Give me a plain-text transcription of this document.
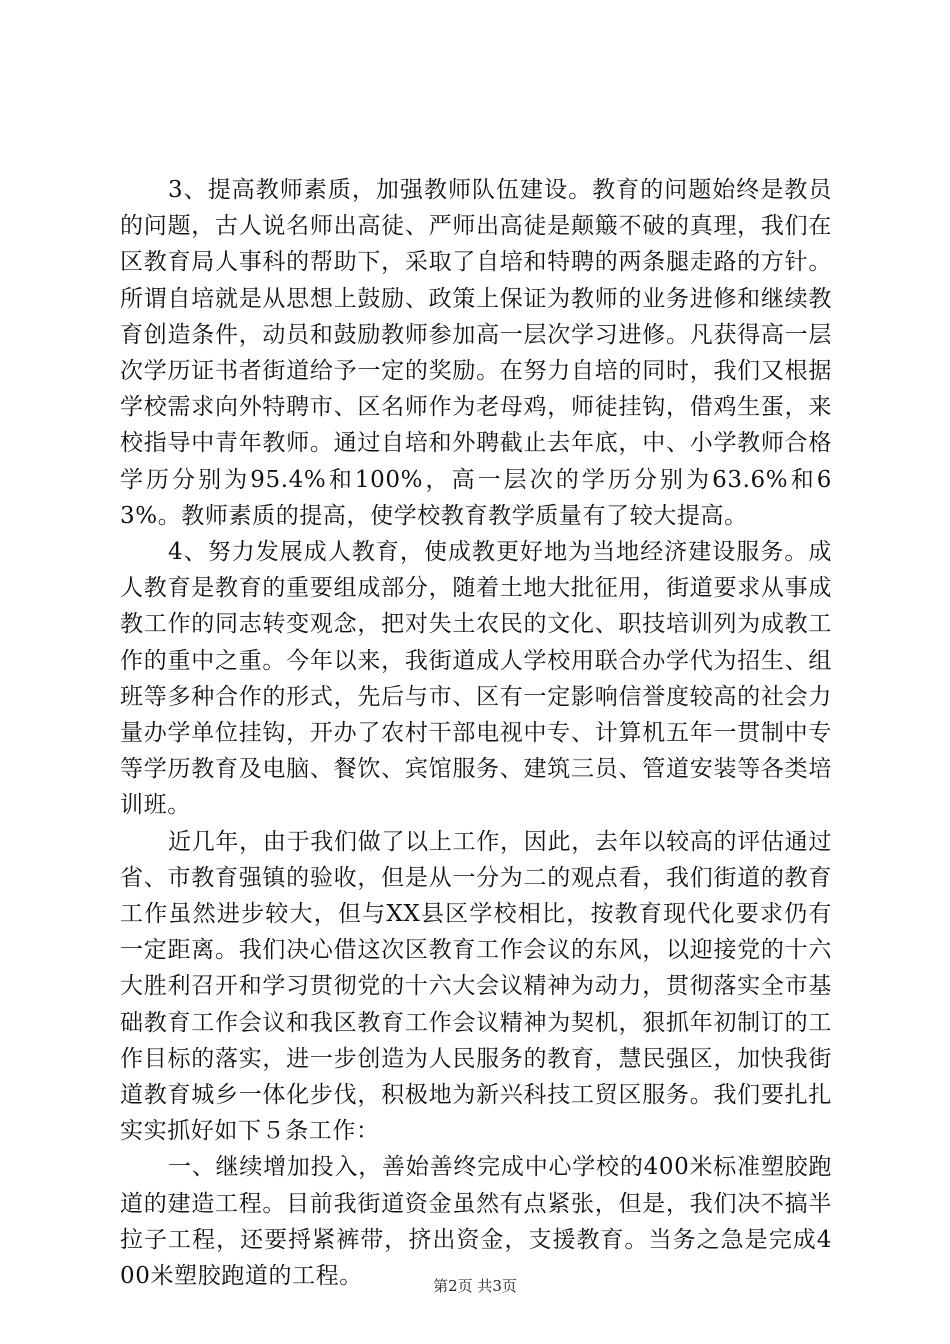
3、提高教师素质，加强教师队伍建设。教育的问题始终是教员的问题，古人说名师出高徒、严师出高徒是颠簸不破的真理，我们在区教育局人事科的帮助下，采取了自培和特聘的两条腿走路的方针。所谓自培就是从思想上鼓励、政策上保证为教师的业务进修和继续教育创造条件，动员和鼓励教师参加高一层次学习进修。凡获得高一层次学历证书者街道给予一定的奖励。在努力自培的同时，我们又根据学校需求向外特聘市、区名师作为老母鸡，师徒挂钩，借鸡生蛋，来校指导中青年教师。通过自培和外聘截止去年底，中、小学教师合格学历分别为95.4%和100%，高一层次的学历分别为63.6%和63%。教师素质的提高，使学校教育教学质量有了较大提高。

4、努力发展成人教育，使成教更好地为当地经济建设服务。成人教育是教育的重要组成部分，随着土地大批征用，街道要求从事成教工作的同志转变观念，把对失土农民的文化、职技培训列为成教工作的重中之重。今年以来，我街道成人学校用联合办学代为招生、组班等多种合作的形式，先后与市、区有一定影响信誉度较高的社会力量办学单位挂钩，开办了农村干部电视中专、计算机五年一贯制中专等学历教育及电脑、餐饮、宾馆服务、建筑三员、管道安装等各类培训班。

近几年，由于我们做了以上工作，因此，去年以较高的评估通过省、市教育强镇的验收，但是从一分为二的观点看，我们街道的教育工作虽然进步较大，但与XX县区学校相比，按教育现代化要求仍有一定距离。我们决心借这次区教育工作会议的东风，以迎接党的十六大胜利召开和学习贯彻党的十六大会议精神为动力，贯彻落实全市基础教育工作会议和我区教育工作会议精神为契机，狠抓年初制订的工作目标的落实，进一步创造为人民服务的教育，慧民强区，加快我街道教育城乡一体化步伐，积极地为新兴科技工贸区服务。我们要扎扎实实抓好如下５条工作：

一、继续增加投入，善始善终完成中心学校的400米标准塑胶跑道的建造工程。目前我街道资金虽然有点紧张，但是，我们决不搞半拉子工程，还要捋紧裤带，挤出资金，支援教育。当务之急是完成400米塑胶跑道的工程。	第2页 共3页
